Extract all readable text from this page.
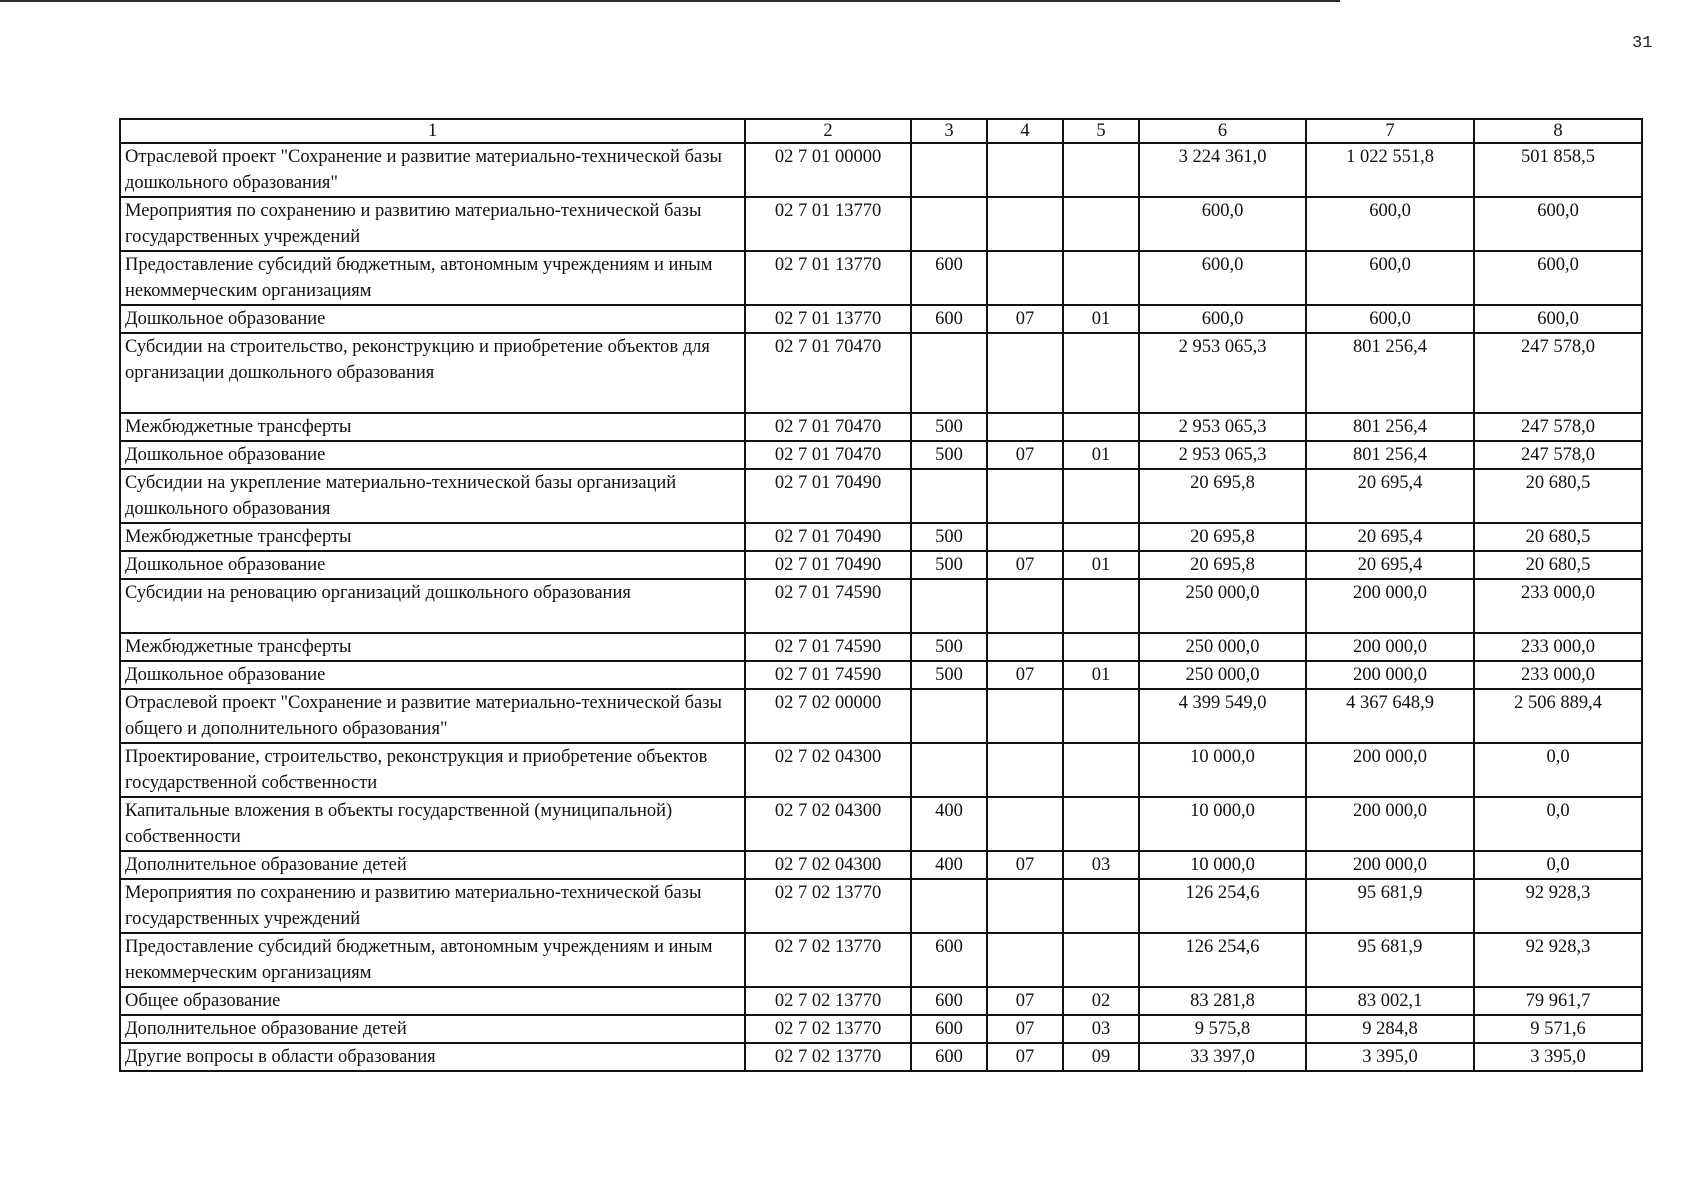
31
1	2	3	4	5	6	7	8
Отраслевой проект "Сохранение и развитие материально-технической базы дошкольного образования"	02 7 01 00000				3 224 361,0	1 022 551,8	501 858,5
Мероприятия по сохранению и развитию материально-технической базы государственных учреждений	02 7 01 13770				600,0	600,0	600,0
Предоставление субсидий бюджетным, автономным учреждениям и иным некоммерческим организациям	02 7 01 13770	600			600,0	600,0	600,0
Дошкольное образование	02 7 01 13770	600	07	01	600,0	600,0	600,0
Субсидии на строительство, реконструкцию и приобретение объектов для организации дошкольного образования	02 7 01 70470				2 953 065,3	801 256,4	247 578,0
Межбюджетные трансферты	02 7 01 70470	500			2 953 065,3	801 256,4	247 578,0
Дошкольное образование	02 7 01 70470	500	07	01	2 953 065,3	801 256,4	247 578,0
Субсидии на укрепление материально-технической базы организаций дошкольного образования	02 7 01 70490				20 695,8	20 695,4	20 680,5
Межбюджетные трансферты	02 7 01 70490	500			20 695,8	20 695,4	20 680,5
Дошкольное образование	02 7 01 70490	500	07	01	20 695,8	20 695,4	20 680,5
Субсидии на реновацию организаций дошкольного образования	02 7 01 74590				250 000,0	200 000,0	233 000,0
Межбюджетные трансферты	02 7 01 74590	500			250 000,0	200 000,0	233 000,0
Дошкольное образование	02 7 01 74590	500	07	01	250 000,0	200 000,0	233 000,0
Отраслевой проект "Сохранение и развитие материально-технической базы общего и дополнительного образования"	02 7 02 00000				4 399 549,0	4 367 648,9	2 506 889,4
Проектирование, строительство, реконструкция и приобретение объектов государственной собственности	02 7 02 04300				10 000,0	200 000,0	0,0
Капитальные вложения в объекты государственной (муниципальной) собственности	02 7 02 04300	400			10 000,0	200 000,0	0,0
Дополнительное образование детей	02 7 02 04300	400	07	03	10 000,0	200 000,0	0,0
Мероприятия по сохранению и развитию материально-технической базы государственных учреждений	02 7 02 13770				126 254,6	95 681,9	92 928,3
Предоставление субсидий бюджетным, автономным учреждениям и иным некоммерческим организациям	02 7 02 13770	600			126 254,6	95 681,9	92 928,3
Общее образование	02 7 02 13770	600	07	02	83 281,8	83 002,1	79 961,7
Дополнительное образование детей	02 7 02 13770	600	07	03	9 575,8	9 284,8	9 571,6
Другие вопросы в области образования	02 7 02 13770	600	07	09	33 397,0	3 395,0	3 395,0
